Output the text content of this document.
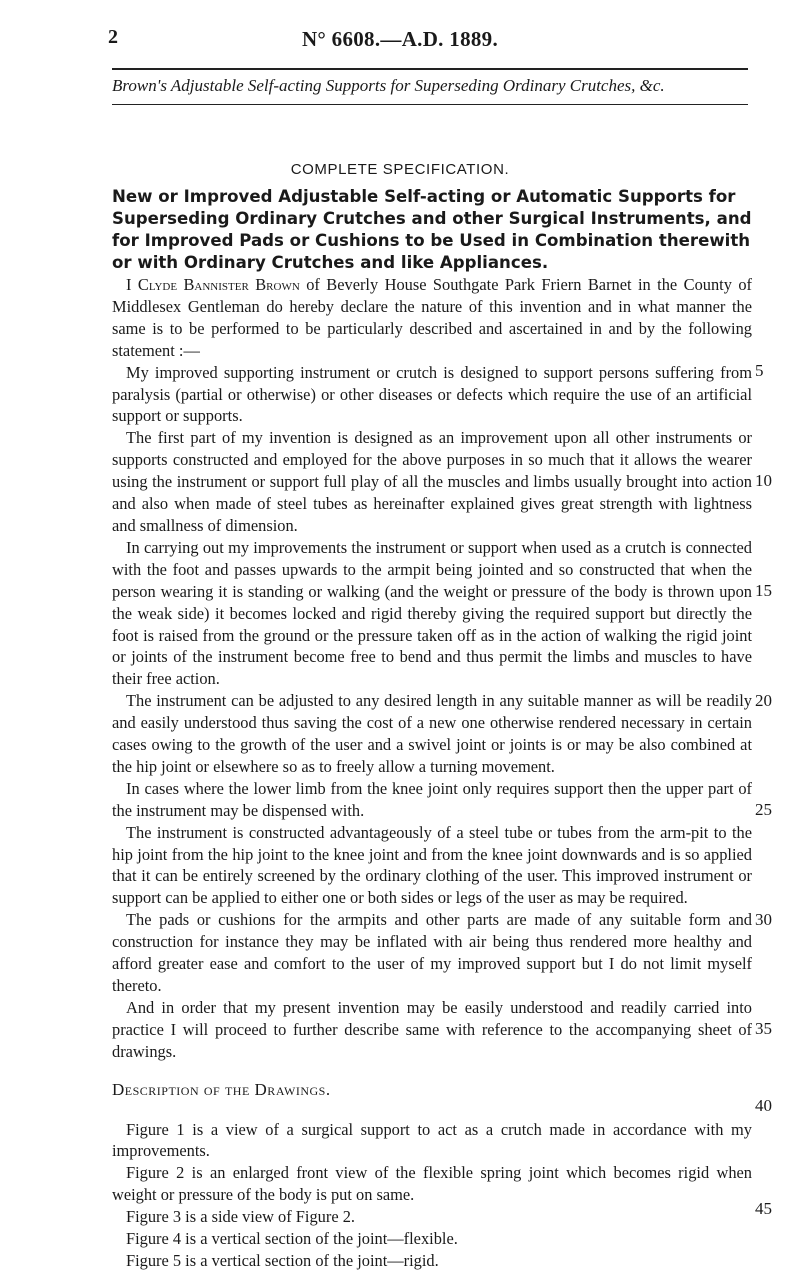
2	N° 6608.—A.D. 1889.
Brown's Adjustable Self-acting Supports for Superseding Ordinary Crutches, &c.
COMPLETE SPECIFICATION.
New or Improved Adjustable Self-acting or Automatic Supports for Superseding Ordinary Crutches and other Surgical Instruments, and for Improved Pads or Cushions to be Used in Combination therewith or with Ordinary Crutches and like Appliances.

I Clyde Bannister Brown of Beverly House Southgate Park Friern Barnet in the County of Middlesex Gentleman do hereby declare the nature of this invention and in what manner the same is to be performed to be particularly described and ascertained in and by the following statement :—

My improved supporting instrument or crutch is designed to support persons suffering from paralysis (partial or otherwise) or other diseases or defects which require the use of an artificial support or supports.

The first part of my invention is designed as an improvement upon all other instruments or supports constructed and employed for the above purposes in so much that it allows the wearer using the instrument or support full play of all the muscles and limbs usually brought into action and also when made of steel tubes as hereinafter explained gives great strength with lightness and smallness of dimension.

In carrying out my improvements the instrument or support when used as a crutch is connected with the foot and passes upwards to the armpit being jointed and so constructed that when the person wearing it is standing or walking (and the weight or pressure of the body is thrown upon the weak side) it becomes locked and rigid thereby giving the required support but directly the foot is raised from the ground or the pressure taken off as in the action of walking the rigid joint or joints of the instrument become free to bend and thus permit the limbs and muscles to have their free action.

The instrument can be adjusted to any desired length in any suitable manner as will be readily and easily understood thus saving the cost of a new one otherwise rendered necessary in certain cases owing to the growth of the user and a swivel joint or joints is or may be also combined at the hip joint or elsewhere so as to freely allow a turning movement.

In cases where the lower limb from the knee joint only requires support then the upper part of the instrument may be dispensed with.

The instrument is constructed advantageously of a steel tube or tubes from the arm-pit to the hip joint from the hip joint to the knee joint and from the knee joint downwards and is so applied that it can be entirely screened by the ordinary clothing of the user. This improved instrument or support can be applied to either one or both sides or legs of the user as may be required.

The pads or cushions for the armpits and other parts are made of any suitable form and construction for instance they may be inflated with air being thus rendered more healthy and afford greater ease and comfort to the user of my improved support but I do not limit myself thereto.

And in order that my present invention may be easily understood and readily carried into practice I will proceed to further describe same with reference to the accompanying sheet of drawings.

Description of the Drawings.

Figure 1 is a view of a surgical support to act as a crutch made in accordance with my improvements.

Figure 2 is an enlarged front view of the flexible spring joint which becomes rigid when weight or pressure of the body is put on same.

Figure 3 is a side view of Figure 2.

Figure 4 is a vertical section of the joint—flexible.

Figure 5 is a vertical section of the joint—rigid.

5
10
15
20
25
30
35
40
45
